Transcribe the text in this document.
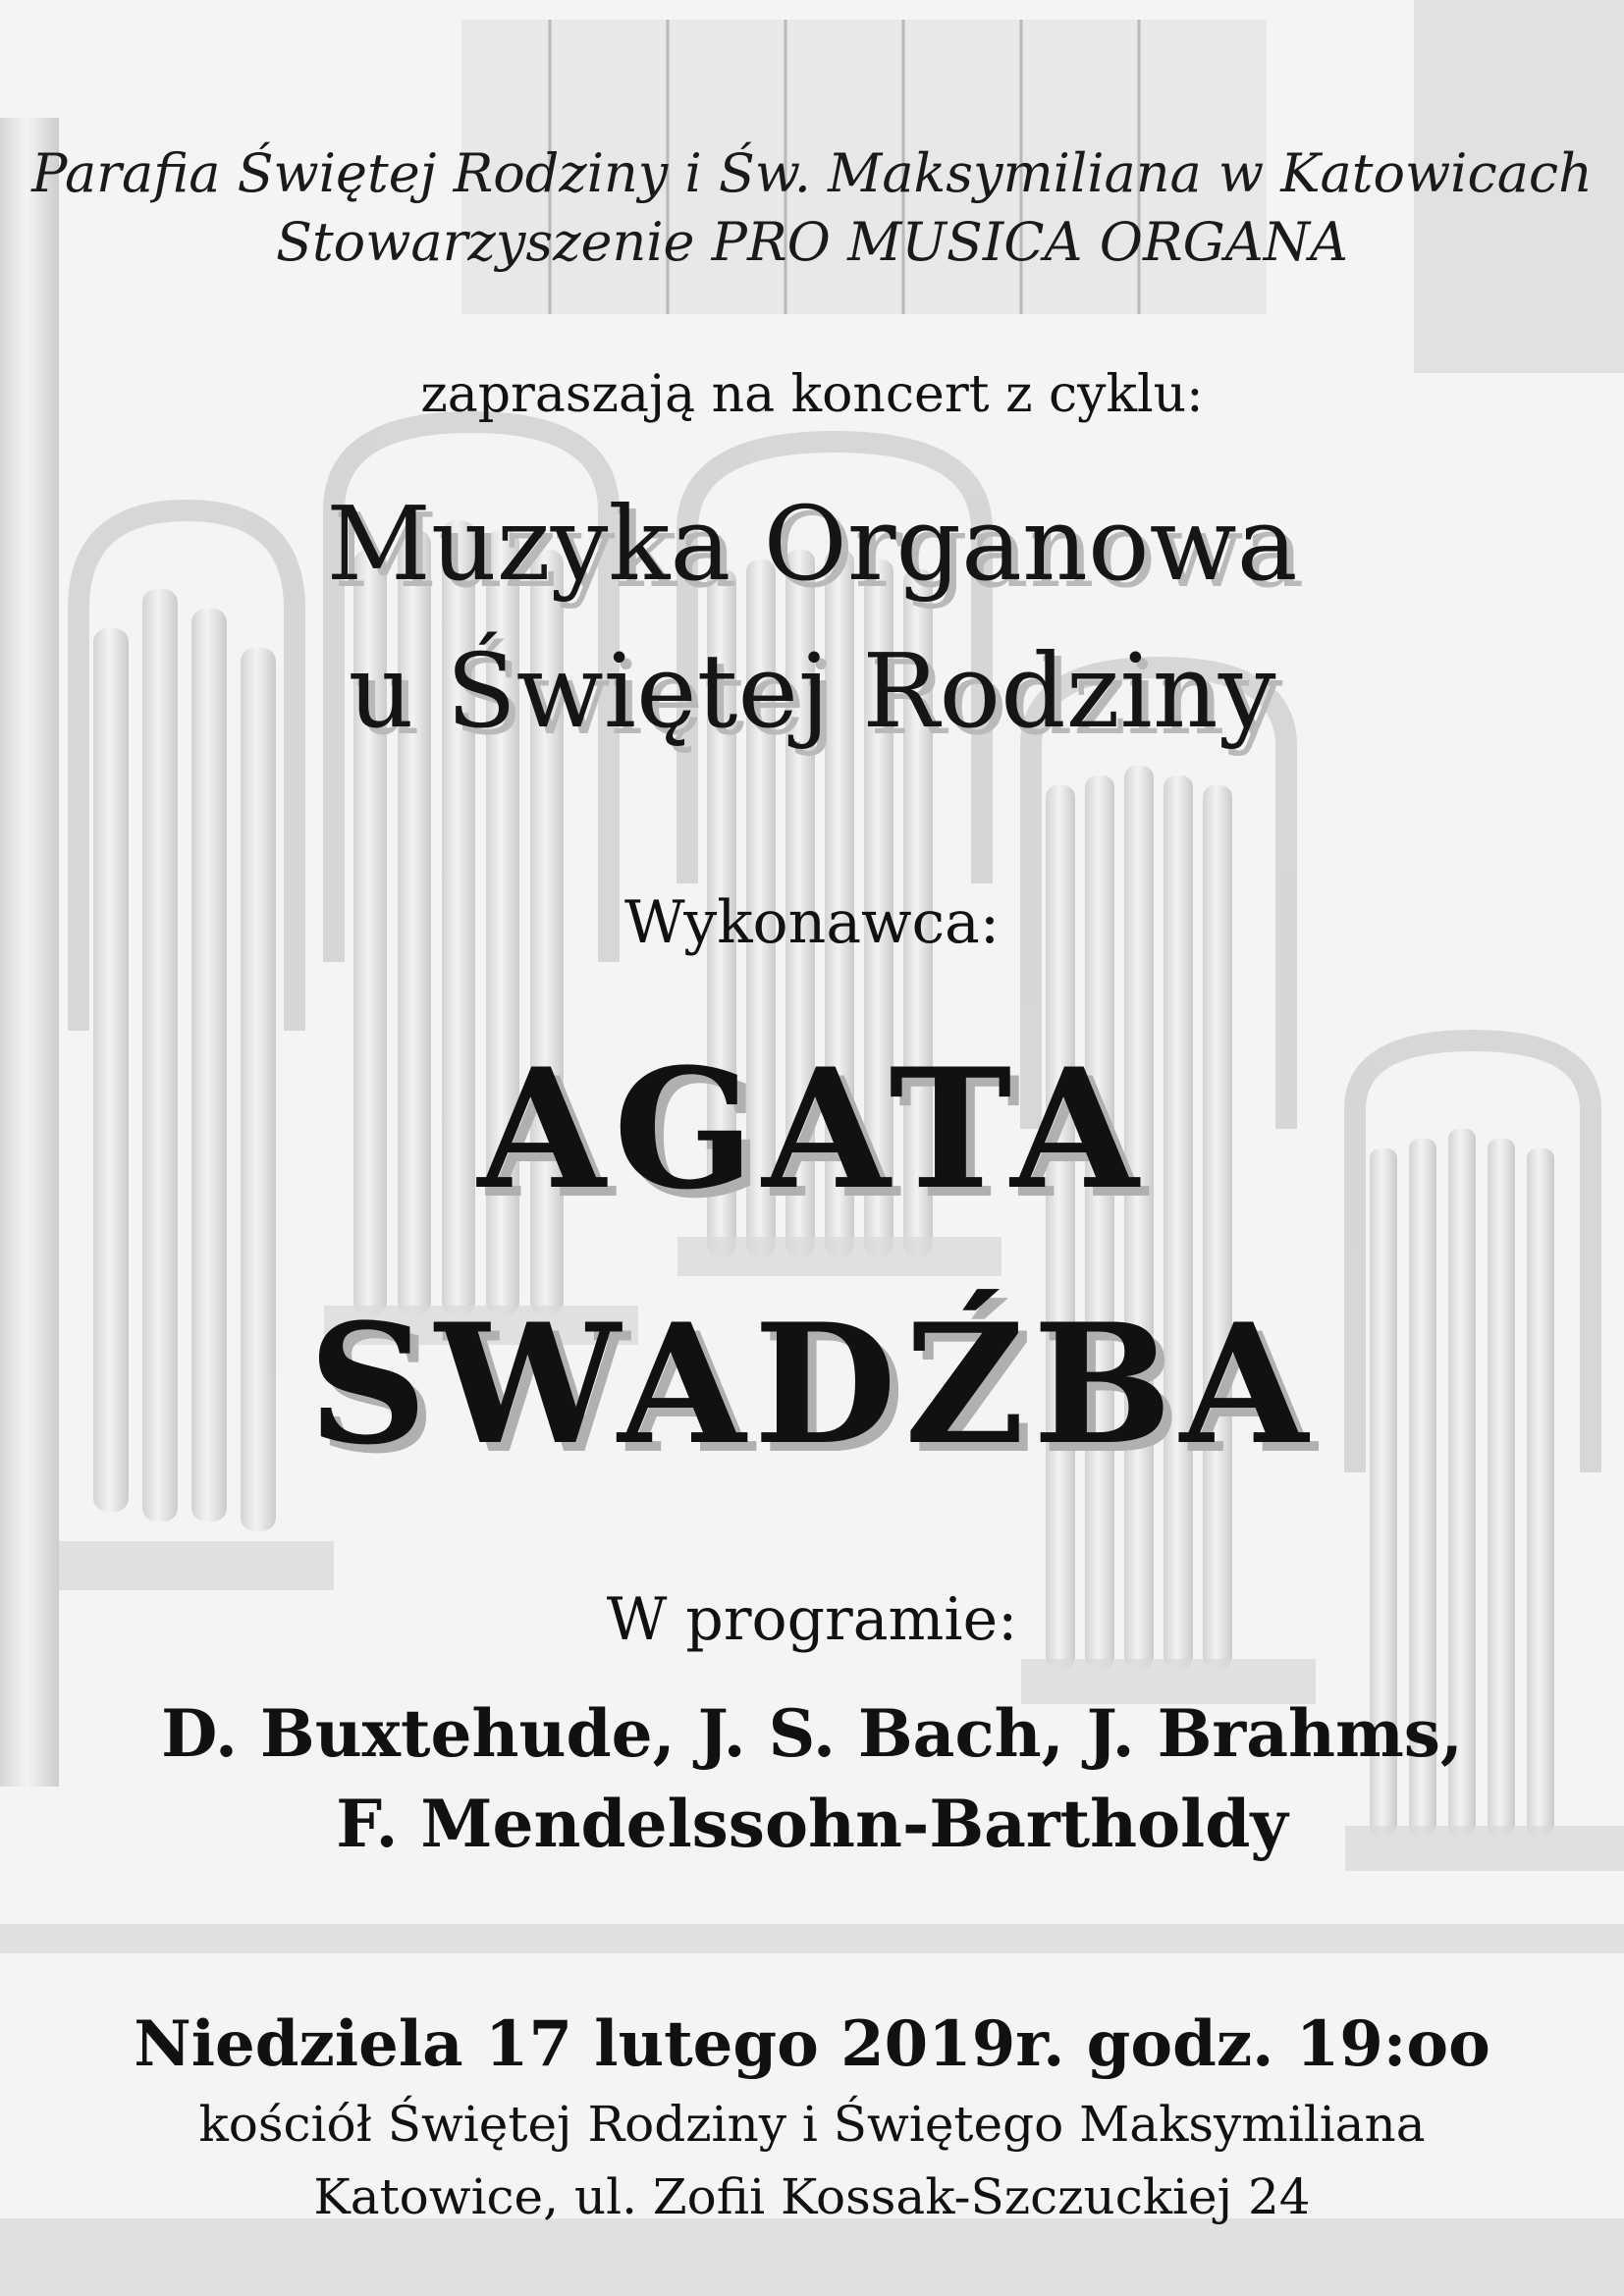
Parafia Świętej Rodziny i Św. Maksymiliana w Katowicach
Stowarzyszenie PRO MUSICA ORGANA
zapraszają na koncert z cyklu:
Muzyka Organowa
u Świętej Rodziny
Wykonawca:
AGATA
SWADŹBA
W programie:
D. Buxtehude, J. S. Bach, J. Brahms,
F. Mendelssohn-Bartholdy
Niedziela 17 lutego 2019r. godz. 19:oo
kościół Świętej Rodziny i Świętego Maksymiliana
Katowice, ul. Zofii Kossak-Szczuckiej 24
